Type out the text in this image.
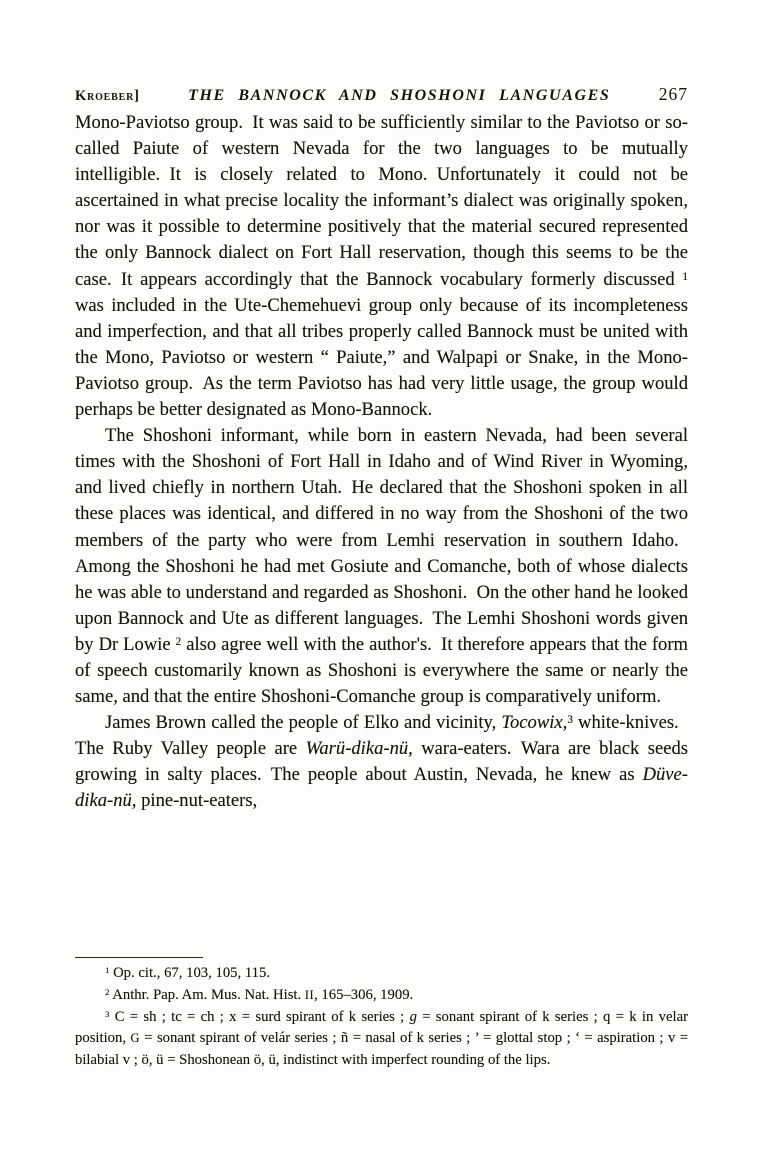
Kroeber]	THE BANNOCK AND SHOSHONI LANGUAGES	267

Mono-Paviotso group. It was said to be sufficiently similar to the Paviotso or so-called Paiute of western Nevada for the two languages to be mutually intelligible. It is closely related to Mono. Unfortunately it could not be ascertained in what precise locality the informant’s dialect was originally spoken, nor was it possible to determine positively that the material secured represented the only Bannock dialect on Fort Hall reservation, though this seems to be the case. It appears accordingly that the Bannock vocabulary formerly discussed $^1$ was included in the Ute-Chemehuevi group only because of its incompleteness and imperfection, and that all tribes properly called Bannock must be united with the Mono, Paviotso or western “ Paiute,” and Walpapi or Snake, in the Mono-Paviotso group. As the term Paviotso has had very little usage, the group would perhaps be better designated as Mono-Bannock.

The Shoshoni informant, while born in eastern Nevada, had been several times with the Shoshoni of Fort Hall in Idaho and of Wind River in Wyoming, and lived chiefly in northern Utah. He declared that the Shoshoni spoken in all these places was identical, and differed in no way from the Shoshoni of the two members of the party who were from Lemhi reservation in southern Idaho. Among the Shoshoni he had met Gosiute and Comanche, both of whose dialects he was able to understand and regarded as Shoshoni. On the other hand he looked upon Bannock and Ute as different languages. The Lemhi Shoshoni words given by Dr Lowie $^2$ also agree well with the author's. It therefore appears that the form of speech customarily known as Shoshoni is everywhere the same or nearly the same, and that the entire Shoshoni-Comanche group is comparatively uniform.

James Brown called the people of Elko and vicinity, Tocowix,$^3$ white-knives. The Ruby Valley people are Warü-dika-nü, wara-eaters. Wara are black seeds growing in salty places. The people about Austin, Nevada, he knew as Düve-dika-nü, pine-nut-eaters,

$^1$ Op. cit., 67, 103, 105, 115.

$^2$ Anthr. Pap. Am. Mus. Nat. Hist. II, 165–306, 1909.

$^3$ C = sh ; tc = ch ; x = surd spirant of k series ; g = sonant spirant of k series ; q = k in velar position, G = sonant spirant of velár series ; ñ = nasal of k series ; ’ = glottal stop ; ‘ = aspiration ; v = bilabial v ; ö, ü = Shoshonean ö, ü, indistinct with imperfect rounding of the lips.
